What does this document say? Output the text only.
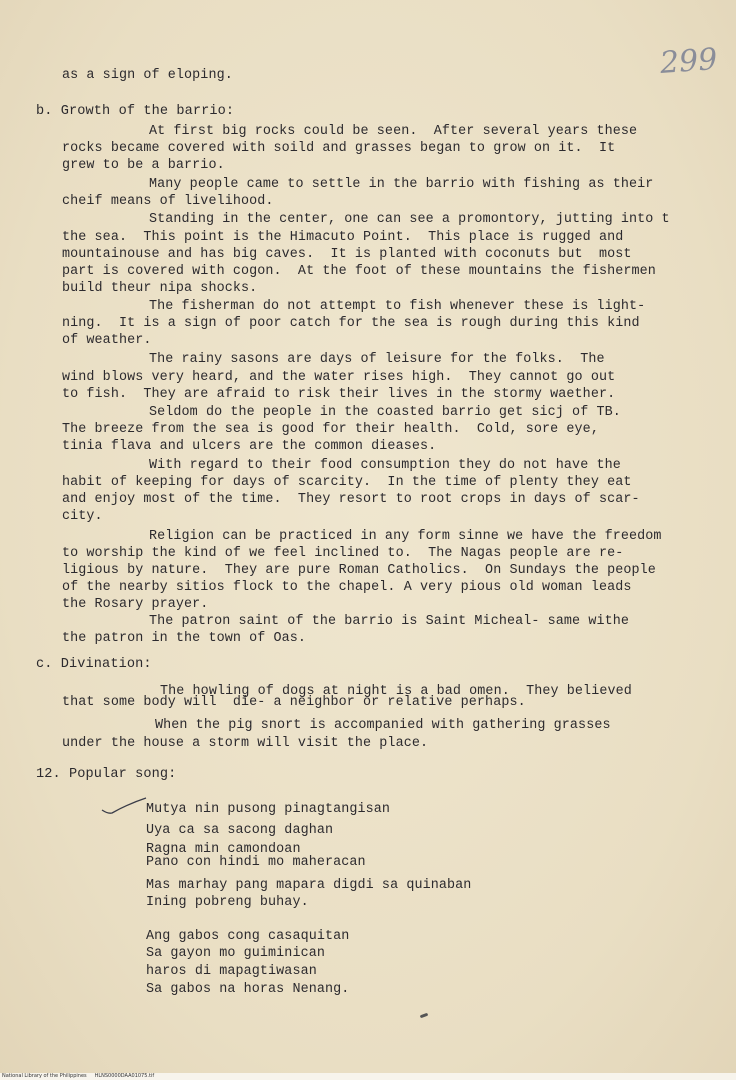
299
as a sign of eloping.
b. Growth of the barrio:
At first big rocks could be seen.  After several years these
rocks became covered with soild and grasses began to grow on it.  It
grew to be a barrio.
Many people came to settle in the barrio with fishing as their
cheif means of livelihood.
Standing in the center, one can see a promontory, jutting into t
the sea.  This point is the Himacuto Point.  This place is rugged and
mountainouse and has big caves.  It is planted with coconuts but  most
part is covered with cogon.  At the foot of these mountains the fishermen
build theur nipa shocks.
The fisherman do not attempt to fish whenever these is light-
ning.  It is a sign of poor catch for the sea is rough during this kind
of weather.
The rainy sasons are days of leisure for the folks.  The
wind blows very heard, and the water rises high.  They cannot go out
to fish.  They are afraid to risk their lives in the stormy waether.
Seldom do the people in the coasted barrio get sicj of TB.
The breeze from the sea is good for their health.  Cold, sore eye,
tinia flava and ulcers are the common dieases.
With regard to their food consumption they do not have the
habit of keeping for days of scarcity.  In the time of plenty they eat
and enjoy most of the time.  They resort to root crops in days of scar-
city.
Religion can be practiced in any form sinne we have the freedom
to worship the kind of we feel inclined to.  The Nagas people are re-
ligious by nature.  They are pure Roman Catholics.  On Sundays the people
of the nearby sitios flock to the chapel. A very pious old woman leads
the Rosary prayer.
The patron saint of the barrio is Saint Micheal- same withe
the patron in the town of Oas.
c. Divination:
The howling of dogs at night is a bad omen.  They believed
that some body will  die- a neighbor or relative perhaps.
When the pig snort is accompanied with gathering grasses
under the house a storm will visit the place.
12. Popular song:
Mutya nin pusong pinagtangisan
Uya ca sa sacong daghan
Ragna min camondoan
Pano con hindi mo maheracan
Mas marhay pang mapara digdi sa quinaban
Ining pobreng buhay.
Ang gabos cong casaquitan
Sa gayon mo guiminican
haros di mapagtiwasan
Sa gabos na horas Nenang.
National Library of the Philippines     HLNS0000DAA01075.tif
